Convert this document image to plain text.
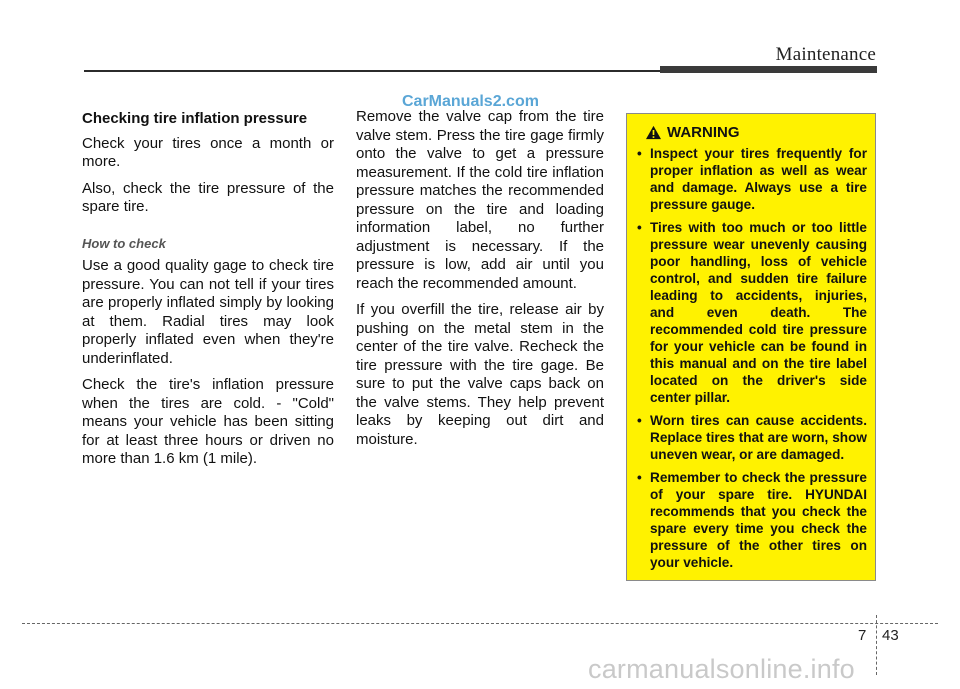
Maintenance
CarManuals2.com
Checking tire inflation pressure

Check your tires once a month or more.

Also, check the tire pressure of the spare tire.

How to check

Use a good quality gage to check tire pressure. You can not tell if your tires are properly inflated simply by looking at them. Radial tires may look properly inflated even when they're underinflated.

Check the tire's inflation pressure when the tires are cold. - "Cold" means your vehicle has been sitting for at least three hours or driven no more than 1.6 km (1 mile).

Remove the valve cap from the tire valve stem. Press the tire gage firmly onto the valve to get a pressure measurement. If the cold tire inflation pressure matches the recommended pressure on the tire and loading information label, no further adjustment is necessary. If the pressure is low, add air until you reach the recommended amount.

If you overfill the tire, release air by pushing on the metal stem in the center of the tire valve. Recheck the tire pressure with the tire gage. Be sure to put the valve caps back on the valve stems. They help prevent leaks by keeping out dirt and moisture.

WARNING
• Inspect your tires frequently for proper inflation as well as wear and damage. Always use a tire pressure gauge.
• Tires with too much or too little pressure wear unevenly causing poor handling, loss of vehicle control, and sudden tire failure leading to accidents, injuries, and even death. The recommended cold tire pressure for your vehicle can be found in this manual and on the tire label located on the driver's side center pillar.
• Worn tires can cause accidents. Replace tires that are worn, show uneven wear, or are damaged.
• Remember to check the pressure of your spare tire. HYUNDAI recommends that you check the spare every time you check the pressure of the other tires on your vehicle.
7 43
carmanualsonline.info
